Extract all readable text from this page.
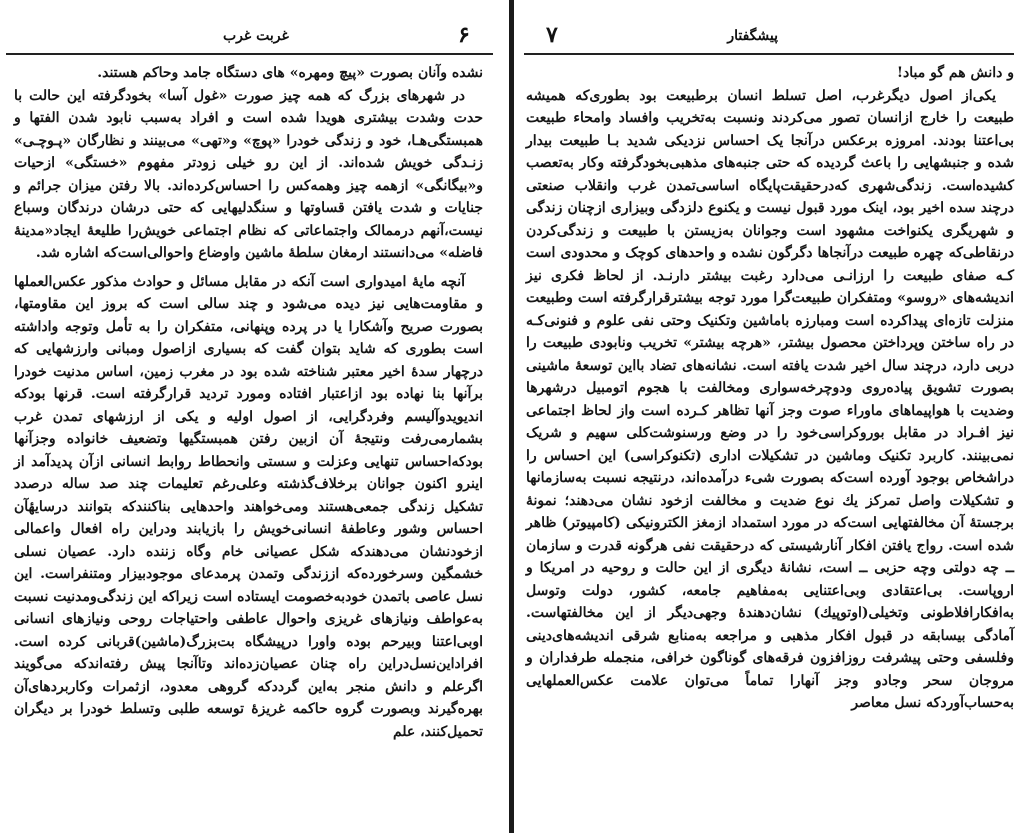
غربت غرب	۶

نشده وآنان بصورت «پیچ ومهره» های دستگاه جامد وحاکم هستند.

در شهرهای بزرگ که همه چیز صورت «غول آسا» بخودگرفته این حالت با حدت وشدت بیشتری هویدا شده است و افراد به‌سبب نابود شدن الفتها و همبستگی‌هـا، خود و زندگی خودرا «پوچ» و«تهی» می‌بینند و نظارگان «پـوچـی» زنـدگی خویش شده‌اند. از این رو خیلی زودتر مفهوم «خستگی» ازحیات و«بیگانگی» ازهمه چیز وهمه‌کس را احساس‌کرده‌اند. بالا رفتن میزان جرائم و جنایات و شدت یافتن قساوتها و سنگدلیهایی که حتی درشان درندگان وسباع نیست،آنهم درممالک واجتماعاتی که نظام اجتماعی خویش‌را طلیعهٔ ایجاد«مدینهٔ فاضله» می‌دانستند ارمغان سلطهٔ ماشین واوضاع واحوالی‌است‌که اشاره شد.

آنچه مایهٔ امیدواری است آنکه در مقابل مسائل و حوادث مذکور عکس‌العملها و مقاومت‌هایی نیز دیده می‌شود و چند سالی است که بروز این مقاومتها، بصورت صریح وآشکارا یا در پرده وپنهانی، متفکران را به تأمل وتوجه واداشته است بطوری که شاید بتوان گفت که بسیاری ازاصول ومبانی وارزشهایی که درچهار سدهٔ اخیر معتبر شناخته شده بود در مغرب زمین، اساس مدنیت خودرا برآنها بنا نهاده بود ازاعتبار افتاده ومورد تردید قرارگرفته است. قرنها بودکه اندیویدوآلیسم وفردگرایی، از اصول اولیه و یکی از ارزشهای تمدن غرب بشمارمی‌رفت ونتیجهٔ آن ازبین رفتن همبستگیها وتضعیف خانواده وجزآنها بودکه‌احساس تنهایی وعزلت و سستی وانحطاط روابط انسانی ازآن پدیدآمد از اینرو اکنون جوانان برخلاف‌گذشته وعلی‌رغم تعلیمات چند صد ساله درصدد تشکیل زندگی جمعی‌هستند ومی‌خواهند واحدهایی بناکنندکه بتوانند درسایهٔآن احساس وشور وعاطفهٔ انسانی‌خویش را بازیابند ودراین راه افعال واعمالی ازخودنشان می‌دهندکه شکل عصیانی خام وگاه زننده دارد. عصیان نسلی خشمگین وسرخورده‌که اززندگی وتمدن پرمدعای موجودبیزار ومتنفراست. این نسل عاصی باتمدن خودبه‌خصومت ایستاده است زیراکه این زندگی‌ومدنیت نسبت به‌عواطف ونیازهای غریزی واحوال عاطفی واحتیاجات روحی ونیازهای انسانی اوبی‌اعتنا وبیرحم بوده واورا درپیشگاه بت‌بزرگ(ماشین)قربانی کرده است. افراداین‌نسل‌دراین راه چنان عصیان‌زده‌اند وتاآنجا پیش رفته‌اندکه می‌گویند اگرعلم و دانش منجر به‌این گردد‌که گروهی معدود، ازثمرات وکاربردهای‌آن بهره‌گیرند وبصورت گروه حاکمه غریزهٔ توسعه طلبی وتسلط خودرا بر دیگران تحمیل‌کنند، علم

پیشگفتار
۷

و دانش هم گو مباد!

یکی‌از اصول دیگرغرب، اصل تسلط انسان برطبیعت بود بطوری‌که همیشه طبیعت را خارج ازانسان تصور می‌کردند ونسبت به‌تخریب وافساد وامحاء طبیعت بی‌اعتنا بودند. امروزه برعکس درآنجا یک احساس نزدیکی شدید بـا طبیعت بیدار شده و جنبشهایی را باعث گردیده که حتی جنبه‌های مذهبی‌بخودگرفته وکار به‌تعصب کشیده‌است. زندگی‌شهری که‌درحقیقت‌پایگاه اساسی‌تمدن غرب وانقلاب صنعتی درچند سده اخیر بود، اینک مورد قبول نیست و یکنوع دلزدگی وبیزاری ازچنان زندگی و شهریگری یکنواخت مشهود است وجوانان به‌زیستن با طبیعت و زندگی‌کردن درنقاطی‌که چهره طبیعت درآنجاها دگرگون نشده و واحدهای کوچک و محدودی است کـه صفای طبیعت را ارزانـی می‌دارد رغبت بیشتر دارنـد. از لحاظ فکری نیز اندیشه‌های «روسو» ومتفکران طبیعت‌گرا مورد توجه بیشترقرارگرفته است وطبیعت منزلت تازه‌ای پیداکرده است ومبارزه باماشین وتکنیک وحتی نفی علوم و فنونی‌کـه در راه ساختن وپرداختن محصول بیشتر، «هرچه بیشتر» تخریب ونابودی طبیعت را دربی دارد، درچند سال اخیر شدت یافته است. نشانه‌های تضاد بااین توسعهٔ ماشینی بصورت تشویق پیاده‌روی ودوچرخه‌سواری ومخالفت با هجوم اتومبیل درشهرها وضدیت با هواپیماهای ماوراء صوت وجز آنها تظاهر کـرده است واز لحاظ اجتماعی نیز افـراد در مقابل بوروکراسی‌خود را در وضع ورسنوشت‌کلی سهیم و شریک نمی‌بینند. کاربرد تکنیک وماشین در تشکیلات اداری (تکنوکراسی) این احساس را دراشخاص بوجود آورده است‌که بصورت شیء درآمده‌اند، درنتیجه نسبت به‌سازمانها و تشکیلات واصل تمرکز یك نوع ضدیت و مخالفت ازخود نشان می‌دهند؛ نمونهٔ برجستهٔ آن مخالفتهایی است‌که در مورد استمداد ازمغز الکترونیکی (کامپیوتر) ظاهر شده است. رواج یافتن افکار آنارشیستی که درحقیقت نفی هرگونه قدرت و سازمان ــ چه دولتی وچه حزبی ــ است، نشانهٔ دیگری از این حالت و روحیه در امریکا و اروپاست. بی‌اعتقادی وبی‌اعتنایی به‌مفاهیم جامعه، کشور، دولت وتوسل به‌افکارافلاطونی وتخیلی(اوتوپیك) نشان‌دهندهٔ وجهی‌دیگر از این مخالفتهاست. آمادگی بیسابقه در قبول افکار مذهبی و مراجعه به‌منابع شرقی اندیشه‌های‌دینی وفلسفی وحتی پیشرفت روزافزون فرقه‌های گوناگون خرافی، منجمله طرفداران و مروجان سحر وجادو وجز آنهارا تماماً می‌توان علامت عکس‌العملهایی به‌حساب‌آوردکه نسل معاصر
